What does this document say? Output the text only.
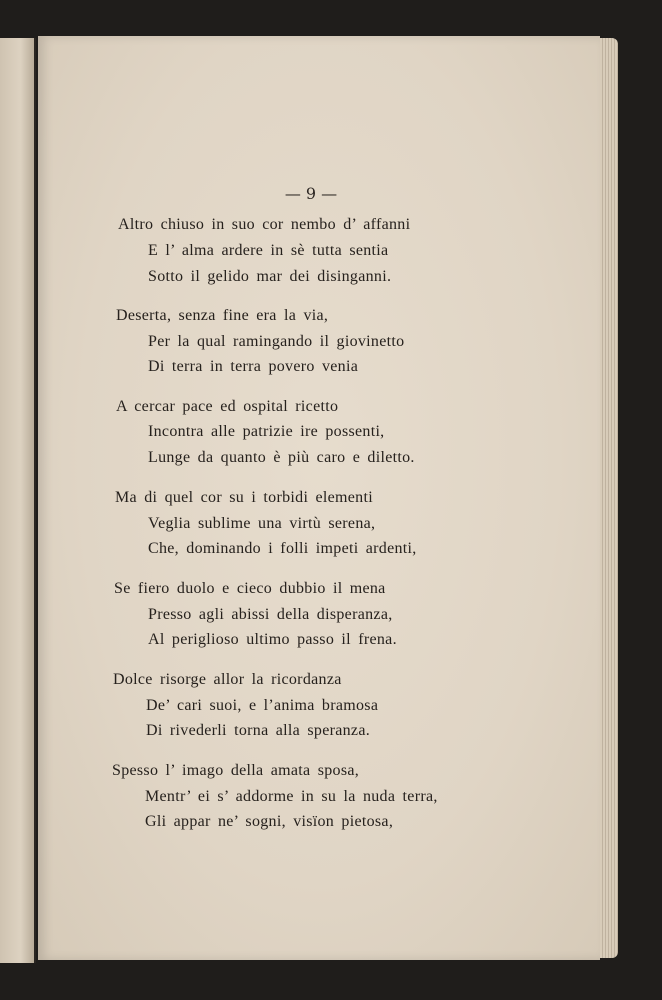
— 9 —
Altro chiuso in suo cor nembo d’ affanni
E l’ alma ardere in sè tutta sentia
Sotto il gelido mar dei disinganni.
Deserta, senza fine era la via,
Per la qual ramingando il giovinetto
Di terra in terra povero venia
A cercar pace ed ospital ricetto
Incontra alle patrizie ire possenti,
Lunge da quanto è più caro e diletto.
Ma di quel cor su i torbidi elementi
Veglia sublime una virtù serena,
Che, dominando i folli impeti ardenti,
Se fiero duolo e cieco dubbio il mena
Presso agli abissi della disperanza,
Al periglioso ultimo passo il frena.
Dolce risorge allor la ricordanza
De’ cari suoi, e l’anima bramosa
Di rivederli torna alla speranza.
Spesso l’ imago della amata sposa,
Mentr’ ei s’ addorme in su la nuda terra,
Gli appar ne’ sogni, visïon pietosa,
